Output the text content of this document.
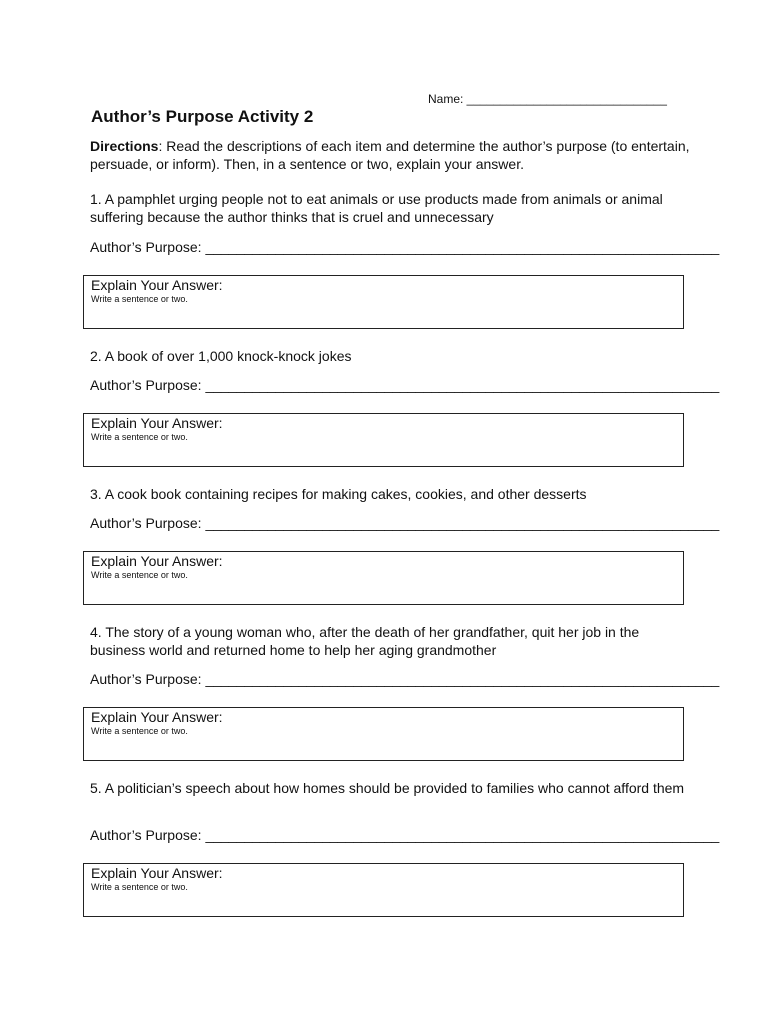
Name: ______________________________
Author’s Purpose Activity 2
Directions: Read the descriptions of each item and determine the author’s purpose (to entertain, persuade, or inform). Then, in a sentence or two, explain your answer.

1. A pamphlet urging people not to eat animals or use products made from animals or animal suffering because the author thinks that is cruel and unnecessary

Author’s Purpose: __________________________________________________________________
Explain Your Answer:
Write a sentence or two.

2. A book of over 1,000 knock-knock jokes

Author’s Purpose: __________________________________________________________________
Explain Your Answer:
Write a sentence or two.

3. A cook book containing recipes for making cakes, cookies, and other desserts

Author’s Purpose: __________________________________________________________________
Explain Your Answer:
Write a sentence or two.

4. The story of a young woman who, after the death of her grandfather, quit her job in the business world and returned home to help her aging grandmother

Author’s Purpose: __________________________________________________________________
Explain Your Answer:
Write a sentence or two.

5. A politician’s speech about how homes should be provided to families who cannot afford them

Author’s Purpose: __________________________________________________________________
Explain Your Answer:
Write a sentence or two.
